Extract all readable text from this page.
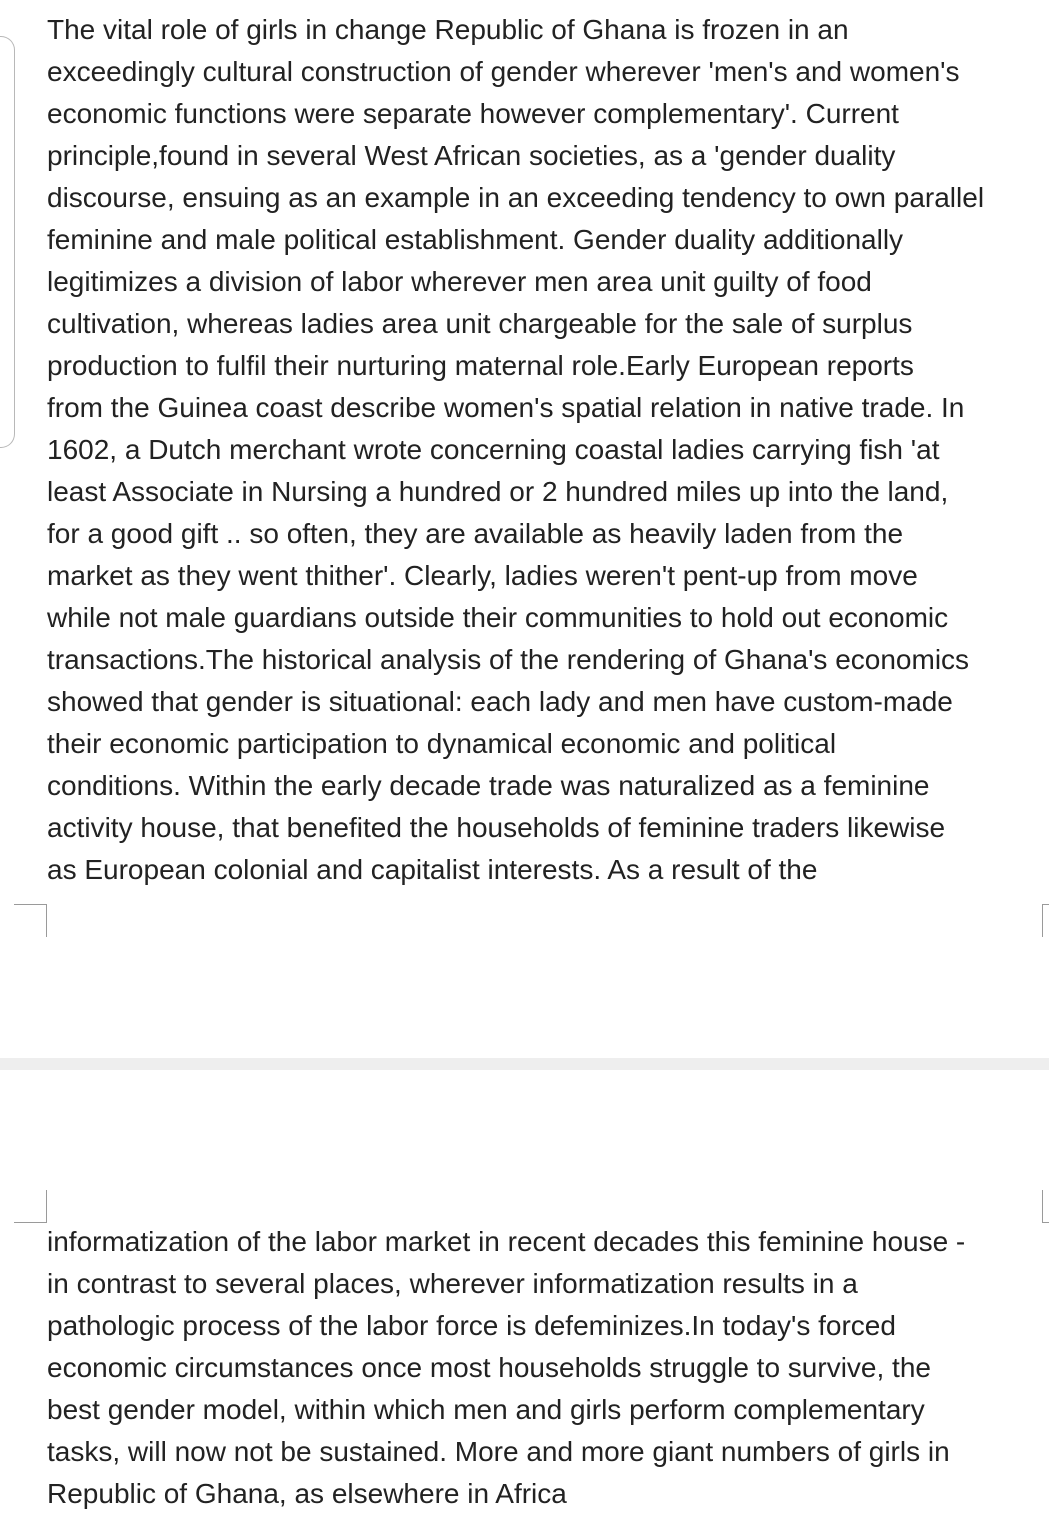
The vital role of girls in change Republic of Ghana is frozen in an
exceedingly cultural construction of gender wherever 'men's and women's
economic functions were separate however complementary'. Current
principle,found in several West African societies, as a 'gender duality
discourse, ensuing as an example in an exceeding tendency to own parallel
feminine and male political establishment. Gender duality additionally
legitimizes a division of labor wherever men area unit guilty of food
cultivation, whereas ladies area unit chargeable for the sale of surplus
production to fulfil their nurturing maternal role.Early European reports
from the Guinea coast describe women's spatial relation in native trade. In
1602, a Dutch merchant wrote concerning coastal ladies carrying fish 'at
least Associate in Nursing a hundred or 2 hundred miles up into the land,
for a good gift .. so often, they are available as heavily laden from the
market as they went thither'. Clearly, ladies weren't pent-up from move
while not male guardians outside their communities to hold out economic
transactions.The historical analysis of the rendering of Ghana's economics
showed that gender is situational: each lady and men have custom-made
their economic participation to dynamical economic and political
conditions. Within the early decade trade was naturalized as a feminine
activity house, that benefited the households of feminine traders likewise
as European colonial and capitalist interests. As a result of the
informatization of the labor market in recent decades this feminine house -
in contrast to several places, wherever informatization results in a
pathologic process of the labor force is defeminizes.In today's forced
economic circumstances once most households struggle to survive, the
best gender model, within which men and girls perform complementary
tasks, will now not be sustained. More and more giant numbers of girls in
Republic of Ghana, as elsewhere in Africa
